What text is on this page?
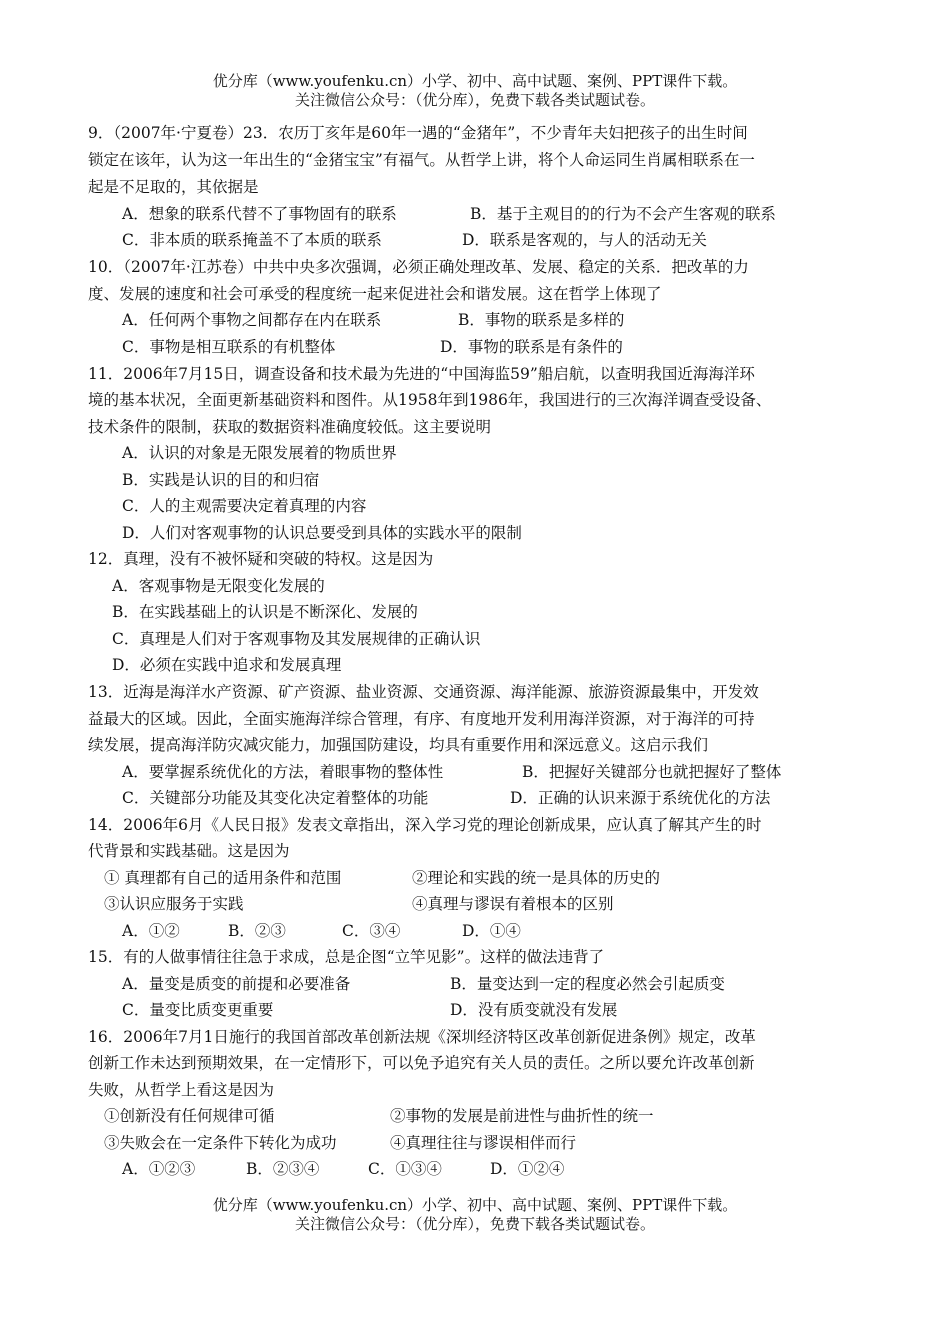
优分库（www.youfenku.cn）小学、初中、高中试题、案例、PPT课件下载。
关注微信公众号：（优分库），免费下载各类试题试卷。
9．（2007年·宁夏卷）23．农历丁亥年是60年一遇的“金猪年”，不少青年夫妇把孩子的出生时间
锁定在该年，认为这一年出生的“金猪宝宝”有福气。从哲学上讲，将个人命运同生肖属相联系在一
起是不足取的，其依据是
A．想象的联系代替不了事物固有的联系	B．基于主观目的的行为不会产生客观的联系
C．非本质的联系掩盖不了本质的联系	D．联系是客观的，与人的活动无关
10．（2007年·江苏卷）中共中央多次强调，必须正确处理改革、发展、稳定的关系．把改革的力
度、发展的速度和社会可承受的程度统一起来促进社会和谐发展。这在哲学上体现了
A．任何两个事物之间都存在内在联系	B．事物的联系是多样的
C．事物是相互联系的有机整体	D．事物的联系是有条件的
11．2006年7月15日，调查设备和技术最为先进的“中国海监59”船启航，以查明我国近海海洋环
境的基本状况，全面更新基础资料和图件。从1958年到1986年，我国进行的三次海洋调查受设备、
技术条件的限制，获取的数据资料准确度较低。这主要说明
A．认识的对象是无限发展着的物质世界
B．实践是认识的目的和归宿
C．人的主观需要决定着真理的内容
D．人们对客观事物的认识总要受到具体的实践水平的限制
12．真理，没有不被怀疑和突破的特权。这是因为
A．客观事物是无限变化发展的
B．在实践基础上的认识是不断深化、发展的
C．真理是人们对于客观事物及其发展规律的正确认识
D．必须在实践中追求和发展真理
13．近海是海洋水产资源、矿产资源、盐业资源、交通资源、海洋能源、旅游资源最集中，开发效
益最大的区域。因此，全面实施海洋综合管理，有序、有度地开发利用海洋资源，对于海洋的可持
续发展，提高海洋防灾减灾能力，加强国防建设，均具有重要作用和深远意义。这启示我们
A．要掌握系统优化的方法，着眼事物的整体性	B．把握好关键部分也就把握好了整体
C．关键部分功能及其变化决定着整体的功能	D．正确的认识来源于系统优化的方法
14．2006年6月《人民日报》发表文章指出，深入学习党的理论创新成果，应认真了解其产生的时
代背景和实践基础。这是因为
① 真理都有自己的适用条件和范围	②理论和实践的统一是具体的历史的
③认识应服务于实践	④真理与谬误有着根本的区别
A．①②	B．②③	C．③④	D．①④
15．有的人做事情往往急于求成，总是企图“立竿见影”。这样的做法违背了
A．量变是质变的前提和必要准备	B．量变达到一定的程度必然会引起质变
C．量变比质变更重要	D．没有质变就没有发展
16．2006年7月1日施行的我国首部改革创新法规《深圳经济特区改革创新促进条例》规定，改革
创新工作未达到预期效果，在一定情形下，可以免予追究有关人员的责任。之所以要允许改革创新
失败，从哲学上看这是因为
①创新没有任何规律可循	②事物的发展是前进性与曲折性的统一
③失败会在一定条件下转化为成功	④真理往往与谬误相伴而行
A．①②③	B．②③④	C．①③④	D．①②④
优分库（www.youfenku.cn）小学、初中、高中试题、案例、PPT课件下载。
关注微信公众号：（优分库），免费下载各类试题试卷。
